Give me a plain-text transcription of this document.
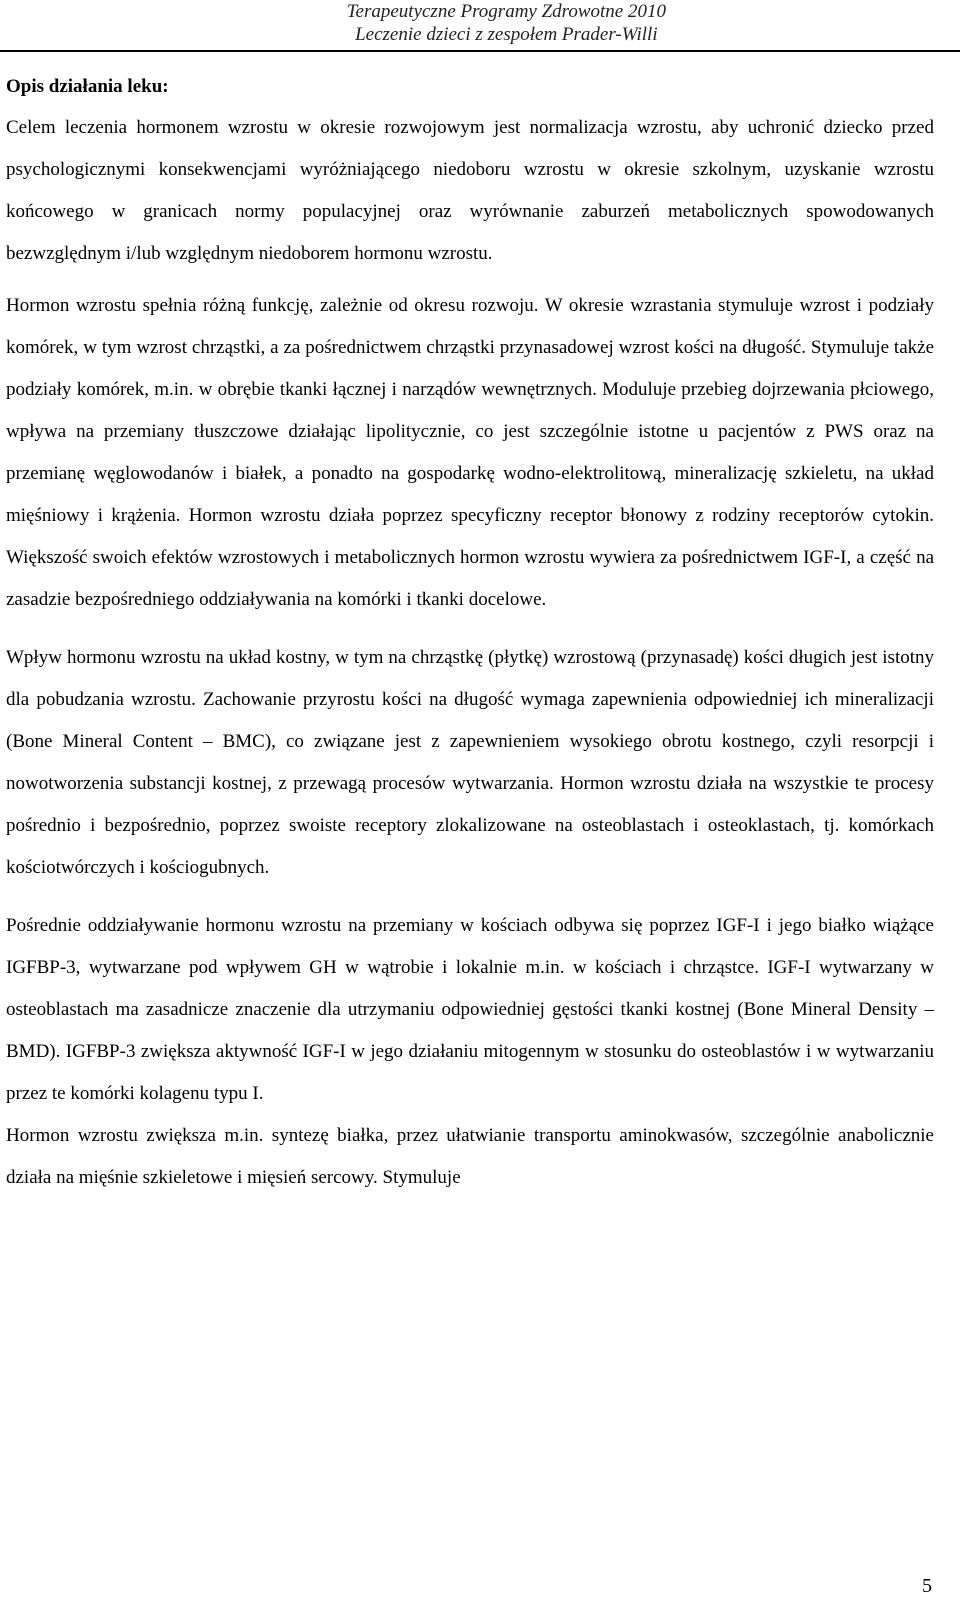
Terapeutyczne Programy Zdrowotne 2010
Leczenie dzieci z zespołem Prader-Willi
Opis działania leku:

Celem leczenia hormonem wzrostu w okresie rozwojowym jest normalizacja wzrostu, aby uchronić dziecko przed psychologicznymi konsekwencjami wyróżniającego niedoboru wzrostu w okresie szkolnym, uzyskanie wzrostu końcowego w granicach normy populacyjnej oraz wyrównanie zaburzeń metabolicznych spowodowanych bezwzględnym i/lub względnym niedoborem hormonu wzrostu.

Hormon wzrostu spełnia różną funkcję, zależnie od okresu rozwoju. W okresie wzrastania stymuluje wzrost i podziały komórek, w tym wzrost chrząstki, a za pośrednictwem chrząstki przynasadowej wzrost kości na długość. Stymuluje także podziały komórek, m.in. w obrębie tkanki łącznej i narządów wewnętrznych. Moduluje przebieg dojrzewania płciowego, wpływa na przemiany tłuszczowe działając lipolitycznie, co jest szczególnie istotne u pacjentów z PWS oraz na przemianę węglowodanów i białek, a ponadto na gospodarkę wodno-elektrolitową, mineralizację szkieletu, na układ mięśniowy i krążenia. Hormon wzrostu działa poprzez specyficzny receptor błonowy z rodziny receptorów cytokin. Większość swoich efektów wzrostowych i metabolicznych hormon wzrostu wywiera za pośrednictwem IGF-I, a część na zasadzie bezpośredniego oddziaływania na komórki i tkanki docelowe.

Wpływ hormonu wzrostu na układ kostny, w tym na chrząstkę (płytkę) wzrostową (przynasadę) kości długich jest istotny dla pobudzania wzrostu. Zachowanie przyrostu kości na długość wymaga zapewnienia odpowiedniej ich mineralizacji (Bone Mineral Content – BMC), co związane jest z zapewnieniem wysokiego obrotu kostnego, czyli resorpcji i nowotworzenia substancji kostnej, z przewagą procesów wytwarzania. Hormon wzrostu działa na wszystkie te procesy pośrednio i bezpośrednio, poprzez swoiste receptory zlokalizowane na osteoblastach i osteoklastach, tj. komórkach kościotwórczych i kościogubnych.

Pośrednie oddziaływanie hormonu wzrostu na przemiany w kościach odbywa się poprzez IGF-I i jego białko wiążące IGFBP-3, wytwarzane pod wpływem GH w wątrobie i lokalnie m.in. w kościach i chrząstce. IGF-I wytwarzany w osteoblastach ma zasadnicze znaczenie dla utrzymaniu odpowiedniej gęstości tkanki kostnej (Bone Mineral Density – BMD). IGFBP-3 zwiększa aktywność IGF-I w jego działaniu mitogennym w stosunku do osteoblastów i w wytwarzaniu przez te komórki kolagenu typu I.

Hormon wzrostu zwiększa m.in. syntezę białka, przez ułatwianie transportu aminokwasów, szczególnie anabolicznie działa na mięśnie szkieletowe i mięsień sercowy. Stymuluje

5
